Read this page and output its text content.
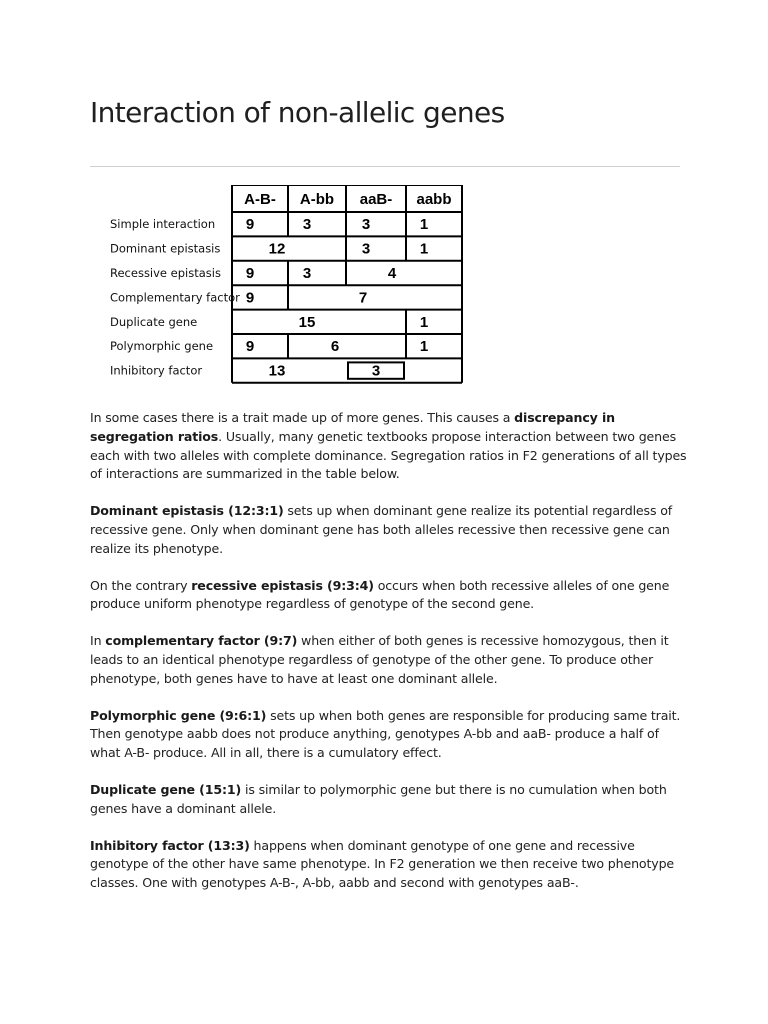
Interaction of non-allelic genes
A-B- A-bb aaB- aabb
Simple interaction 9	3	3	1
Dominant epistasis	12	3	1
Recessive epistasis 9	3	4
Complementary factor 9	7
Duplicate gene	15	1
Polymorphic gene 9	6	1
Inhibitory factor	13	3

In some cases there is a trait made up of more genes. This causes a discrepancy in segregation ratios. Usually, many genetic textbooks propose interaction between two genes each with two alleles with complete dominance. Segregation ratios in F2 generations of all types of interactions are summarized in the table below.

Dominant epistasis (12:3:1) sets up when dominant gene realize its potential regardless of recessive gene. Only when dominant gene has both alleles recessive then recessive gene can realize its phenotype.

On the contrary recessive epistasis (9:3:4) occurs when both recessive alleles of one gene produce uniform phenotype regardless of genotype of the second gene.

In complementary factor (9:7) when either of both genes is recessive homozygous, then it leads to an identical phenotype regardless of genotype of the other gene. To produce other phenotype, both genes have to have at least one dominant allele.

Polymorphic gene (9:6:1) sets up when both genes are responsible for producing same trait. Then genotype aabb does not produce anything, genotypes A-bb and aaB- produce a half of what A-B- produce. All in all, there is a cumulatory effect.

Duplicate gene (15:1) is similar to polymorphic gene but there is no cumulation when both genes have a dominant allele.

Inhibitory factor (13:3) happens when dominant genotype of one gene and recessive genotype of the other have same phenotype. In F2 generation we then receive two phenotype classes. One with genotypes A-B-, A-bb, aabb and second with genotypes aaB-.
